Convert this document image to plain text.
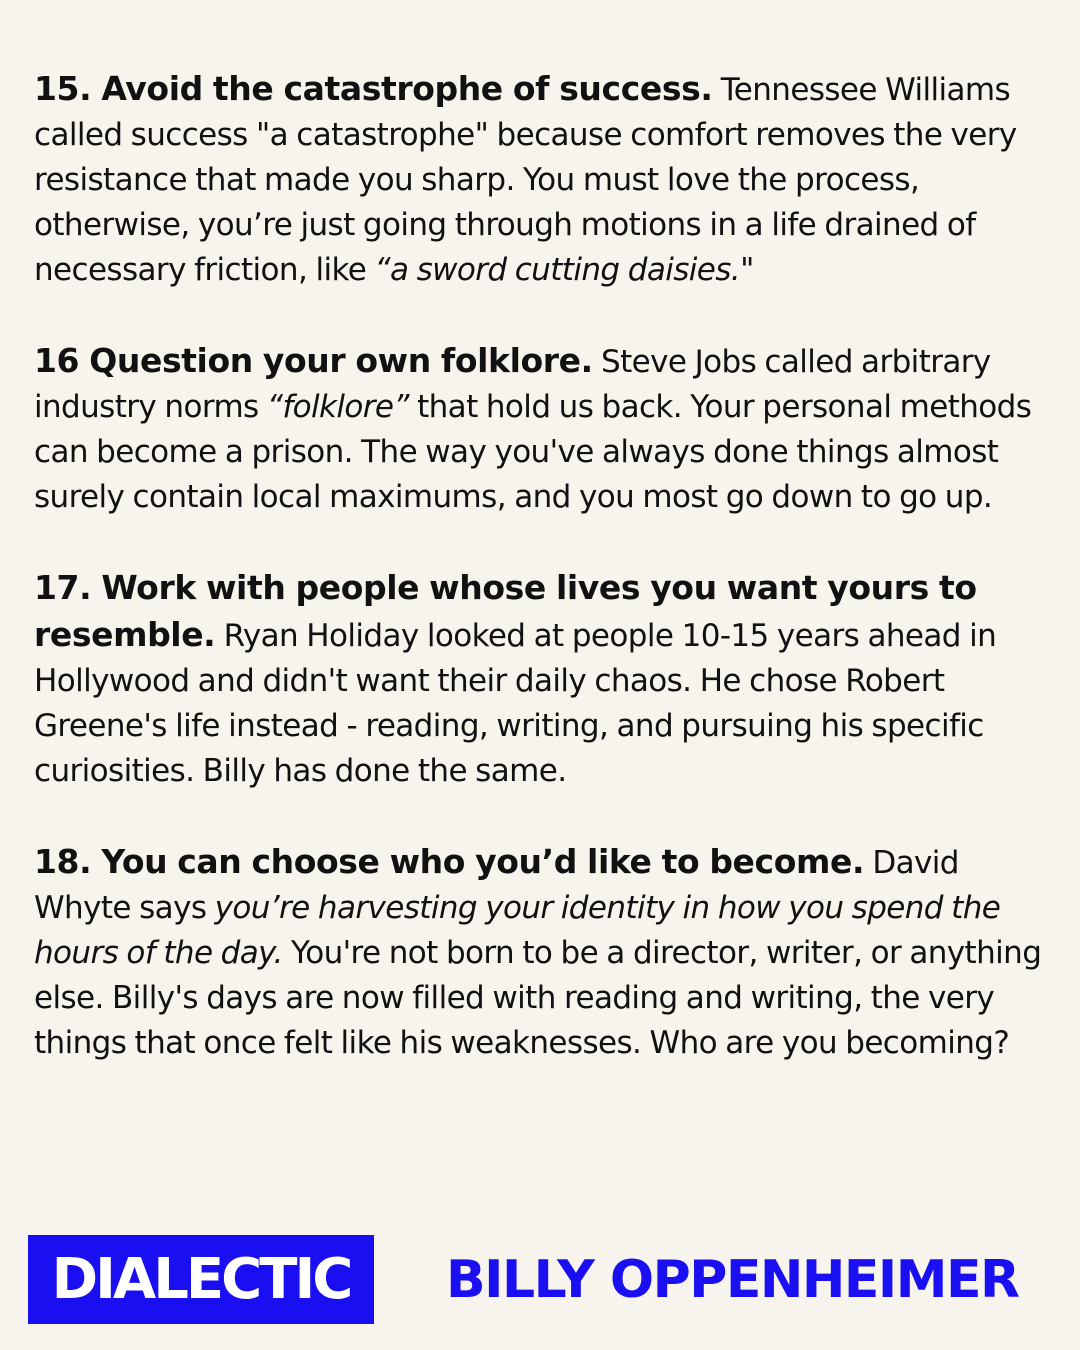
15. Avoid the catastrophe of success. Tennessee Williams called success "a catastrophe" because comfort removes the very resistance that made you sharp. You must love the process, otherwise, you’re just going through motions in a life drained of necessary friction, like “a sword cutting daisies."

16 Question your own folklore. Steve Jobs called arbitrary industry norms “folklore” that hold us back. Your personal methods can become a prison. The way you've always done things almost surely contain local maximums, and you most go down to go up.

17. Work with people whose lives you want yours to resemble. Ryan Holiday looked at people 10-15 years ahead in Hollywood and didn't want their daily chaos. He chose Robert Greene's life instead - reading, writing, and pursuing his specific curiosities. Billy has done the same.

18. You can choose who you’d like to become. David Whyte says you’re harvesting your identity in how you spend the hours of the day. You're not born to be a director, writer, or anything else. Billy's days are now filled with reading and writing, the very things that once felt like his weaknesses. Who are you becoming?

DIALECTIC	BILLY OPPENHEIMER
